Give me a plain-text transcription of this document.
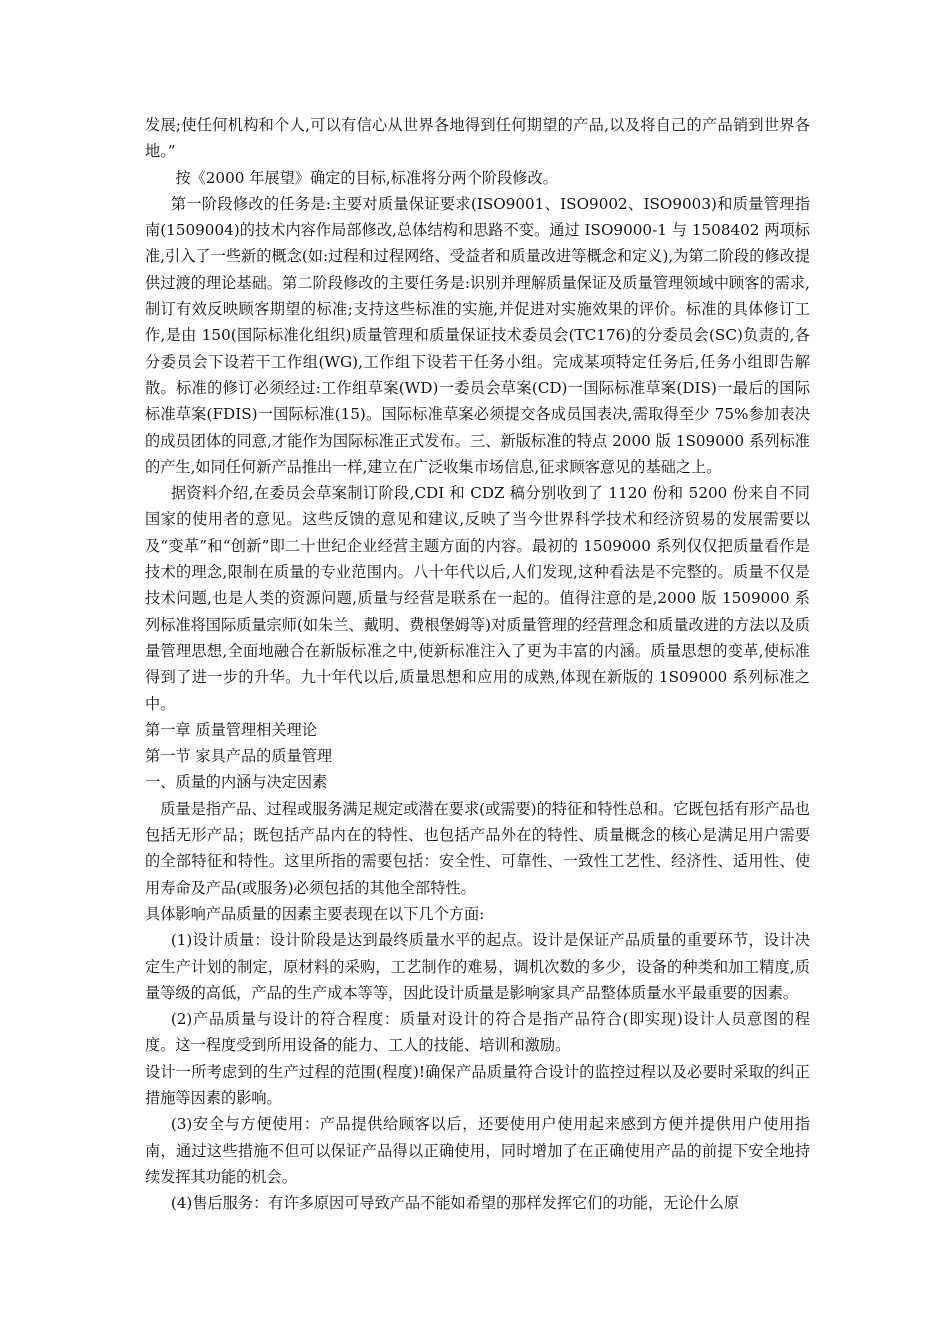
发展;使任何机构和个人,可以有信心从世界各地得到任何期望的产品,以及将自己的产品销到世界各地。”

按《2000 年展望》确定的目标,标准将分两个阶段修改。

第一阶段修改的任务是:主要对质量保证要求(ISO9001、ISO9002、ISO9003)和质量管理指南(1509004)的技术内容作局部修改,总体结构和思路不变。通过 ISO9000-1 与 1508402 两项标准,引入了一些新的概念(如:过程和过程网络、受益者和质量改进等概念和定义),为第二阶段的修改提供过渡的理论基础。第二阶段修改的主要任务是:识别并理解质量保证及质量管理领域中顾客的需求,制订有效反映顾客期望的标准;支持这些标准的实施,并促进对实施效果的评价。标准的具体修订工作,是由 150(国际标准化组织)质量管理和质量保证技术委员会(TC176)的分委员会(SC)负责的,各分委员会下设若干工作组(WG),工作组下设若干任务小组。完成某项特定任务后,任务小组即告解散。标准的修订必须经过:工作组草案(WD)一委员会草案(CD)一国际标准草案(DIS)一最后的国际标准草案(FDIS)一国际标准(15)。国际标准草案必须提交各成员国表决,需取得至少 75%参加表决的成员团体的同意,才能作为国际标准正式发布。三、新版标准的特点 2000 版 1S09000 系列标准的产生,如同任何新产品推出一样,建立在广泛收集市场信息,征求顾客意见的基础之上。

据资料介绍,在委员会草案制订阶段,CDI 和 CDZ 稿分别收到了 1120 份和 5200 份来自不同国家的使用者的意见。这些反馈的意见和建议,反映了当今世界科学技术和经济贸易的发展需要以及“变革”和“创新”即二十世纪企业经营主题方面的内容。最初的 1509000 系列仅仅把质量看作是技术的理念,限制在质量的专业范围内。八十年代以后,人们发现,这种看法是不完整的。质量不仅是技术问题,也是人类的资源问题,质量与经营是联系在一起的。值得注意的是,2000 版 1509000 系列标准将国际质量宗师(如朱兰、戴明、费根堡姆等)对质量管理的经营理念和质量改进的方法以及质量管理思想,全面地融合在新版标准之中,使新标准注入了更为丰富的内涵。质量思想的变革,使标准得到了进一步的升华。九十年代以后,质量思想和应用的成熟,体现在新版的 1S09000 系列标准之中。

第一章 质量管理相关理论

第一节 家具产品的质量管理

一、质量的内涵与决定因素

质量是指产品、过程或服务满足规定或潜在要求(或需要)的特征和特性总和。它既包括有形产品也包括无形产品；既包括产品内在的特性、也包括产品外在的特性、质量概念的核心是满足用户需要的全部特征和特性。这里所指的需要包括：安全性、可靠性、一致性工艺性、经济性、适用性、使用寿命及产品(或服务)必须包括的其他全部特性。

具体影响产品质量的因素主要表现在以下几个方面:

(1)设计质量：设计阶段是达到最终质量水平的起点。设计是保证产品质量的重要环节，设计决定生产计划的制定，原材料的采购，工艺制作的难易，调机次数的多少，设备的种类和加工精度,质量等级的高低，产品的生产成本等等，因此设计质量是影响家具产品整体质量水平最重要的因素。

(2)产品质量与设计的符合程度：质量对设计的符合是指产品符合(即实现)设计人员意图的程度。这一程度受到所用设备的能力、工人的技能、培训和激励。

设计一所考虑到的生产过程的范围(程度)!确保产品质量符合设计的监控过程以及必要时采取的纠正措施等因素的影响。

(3)安全与方便使用：产品提供给顾客以后，还要使用户使用起来感到方便并提供用户使用指南，通过这些措施不但可以保证产品得以正确使用，同时增加了在正确使用产品的前提下安全地持续发挥其功能的机会。

(4)售后服务：有许多原因可导致产品不能如希望的那样发挥它们的功能，无论什么原
